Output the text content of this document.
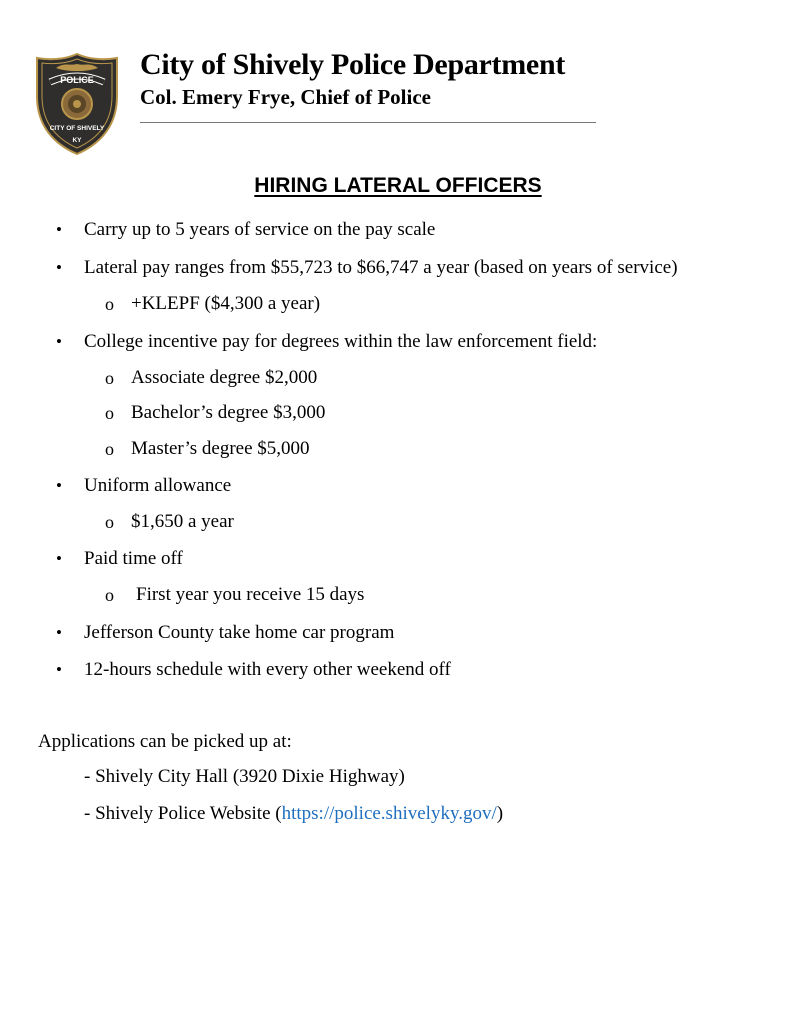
POLICE
CITY OF SHIVELY
KY
City of Shively Police Department
Col. Emery Frye, Chief of Police
HIRING LATERAL OFFICERS
• Carry up to 5 years of service on the pay scale
• Lateral pay ranges from $55,723 to $66,747 a year (based on years of service)
o +KLEPF ($4,300 a year)
• College incentive pay for degrees within the law enforcement field:
o Associate degree $2,000
o Bachelor’s degree $3,000
o Master’s degree $5,000
• Uniform allowance
o $1,650 a year
• Paid time off
o First year you receive 15 days
• Jefferson County take home car program
• 12-hours schedule with every other weekend off
Applications can be picked up at:
- Shively City Hall (3920 Dixie Highway)
- Shively Police Website (https://police.shivelyky.gov/)
